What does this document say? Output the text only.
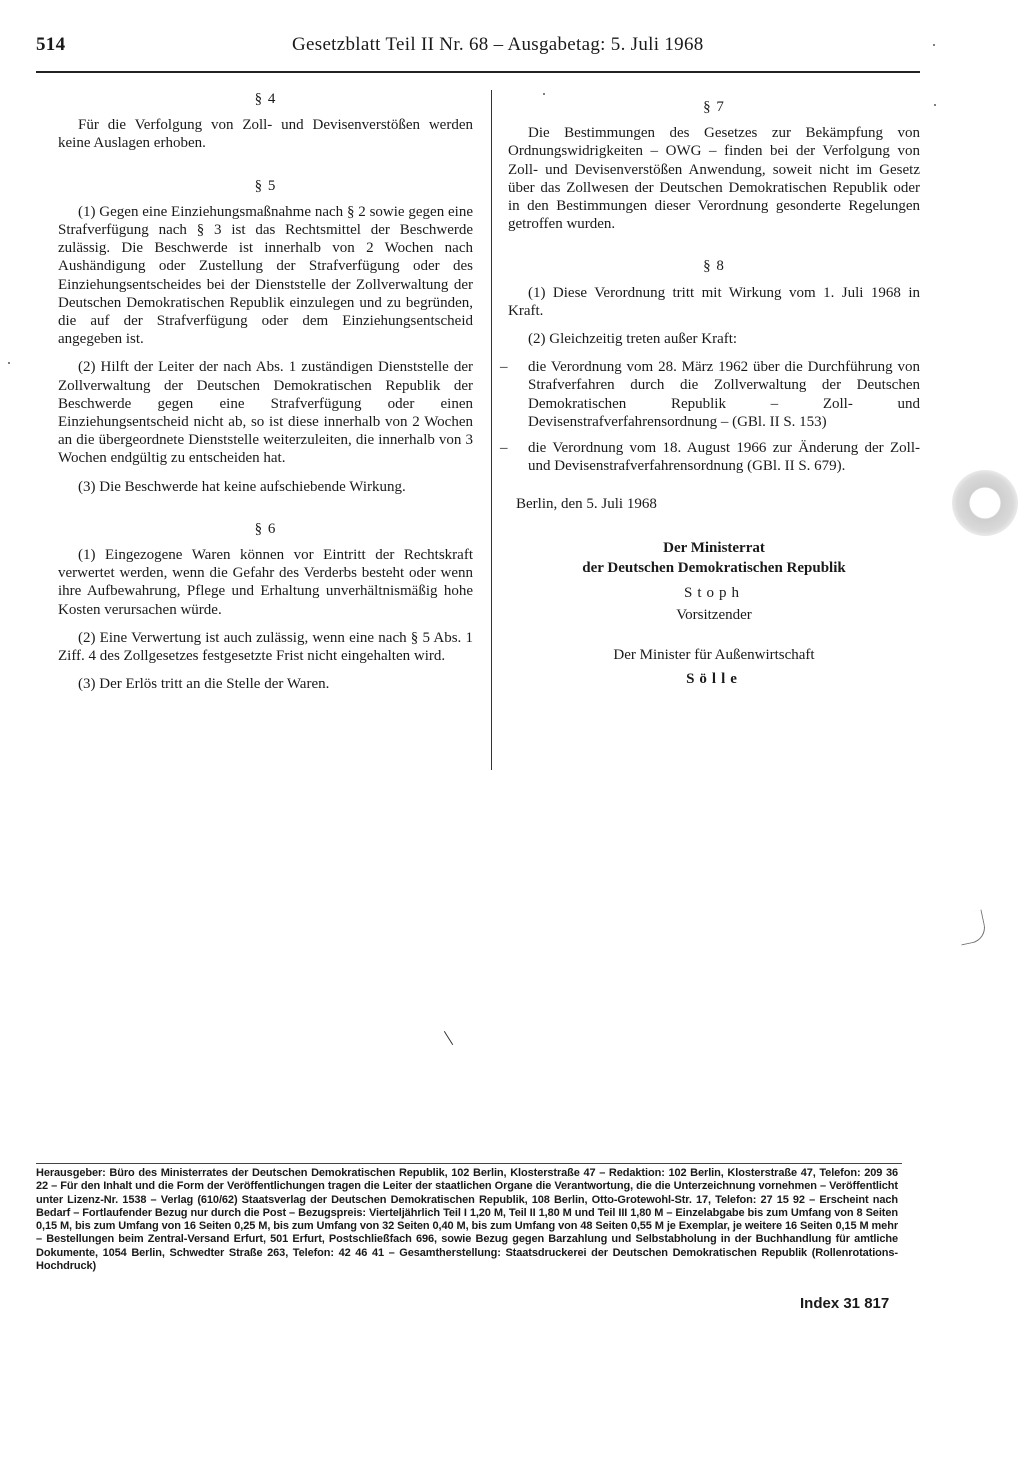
514	Gesetzblatt Teil II Nr. 68 – Ausgabetag: 5. Juli 1968
§ 4

Für die Verfolgung von Zoll- und Devisenverstößen werden keine Auslagen erhoben.

§ 5

(1) Gegen eine Einziehungsmaßnahme nach § 2 sowie gegen eine Strafverfügung nach § 3 ist das Rechtsmittel der Beschwerde zulässig. Die Beschwerde ist innerhalb von 2 Wochen nach Aushändigung oder Zustellung der Strafverfügung oder des Einziehungsentscheides bei der Dienststelle der Zollverwaltung der Deutschen Demokratischen Republik einzulegen und zu begründen, die auf der Strafverfügung oder dem Einziehungsentscheid angegeben ist.

(2) Hilft der Leiter der nach Abs. 1 zuständigen Dienststelle der Zollverwaltung der Deutschen Demokratischen Republik der Beschwerde gegen eine Strafverfügung oder einen Einziehungsentscheid nicht ab, so ist diese innerhalb von 2 Wochen an die übergeordnete Dienststelle weiterzuleiten, die innerhalb von 3 Wochen endgültig zu entscheiden hat.

(3) Die Beschwerde hat keine aufschiebende Wirkung.

§ 6

(1) Eingezogene Waren können vor Eintritt der Rechtskraft verwertet werden, wenn die Gefahr des Verderbs besteht oder wenn ihre Aufbewahrung, Pflege und Erhaltung unverhältnismäßig hohe Kosten verursachen würde.

(2) Eine Verwertung ist auch zulässig, wenn eine nach § 5 Abs. 1 Ziff. 4 des Zollgesetzes festgesetzte Frist nicht eingehalten wird.

(3) Der Erlös tritt an die Stelle der Waren.

§ 7

Die Bestimmungen des Gesetzes zur Bekämpfung von Ordnungswidrigkeiten – OWG – finden bei der Verfolgung von Zoll- und Devisenverstößen Anwendung, soweit nicht im Gesetz über das Zollwesen der Deutschen Demokratischen Republik oder in den Bestimmungen dieser Verordnung gesonderte Regelungen getroffen wurden.

§ 8

(1) Diese Verordnung tritt mit Wirkung vom 1. Juli 1968 in Kraft.

(2) Gleichzeitig treten außer Kraft:

– die Verordnung vom 28. März 1962 über die Durchführung von Strafverfahren durch die Zollverwaltung der Deutschen Demokratischen Republik – Zoll- und Devisenstrafverfahrensordnung – (GBl. II S. 153)
– die Verordnung vom 18. August 1966 zur Änderung der Zoll- und Devisenstrafverfahrensordnung (GBl. II S. 679).
Berlin, den 5. Juli 1968
Der Ministerrat
der Deutschen Demokratischen Republik
Stoph
Vorsitzender
Der Minister für Außenwirtschaft
Sölle
Herausgeber: Büro des Ministerrates der Deutschen Demokratischen Republik, 102 Berlin, Klosterstraße 47 – Redaktion: 102 Berlin, Klosterstraße 47, Telefon: 209 36 22 – Für den Inhalt und die Form der Veröffentlichungen tragen die Leiter der staatlichen Organe die Verantwortung, die die Unterzeichnung vornehmen – Veröffentlicht unter Lizenz-Nr. 1538 – Verlag (610/62) Staatsverlag der Deutschen Demokratischen Republik, 108 Berlin, Otto-Grotewohl-Str. 17, Telefon: 27 15 92 – Erscheint nach Bedarf – Fortlaufender Bezug nur durch die Post – Bezugspreis: Vierteljährlich Teil I 1,20 M, Teil II 1,80 M und Teil III 1,80 M – Einzelabgabe bis zum Umfang von 8 Seiten 0,15 M, bis zum Umfang von 16 Seiten 0,25 M, bis zum Umfang von 32 Seiten 0,40 M, bis zum Umfang von 48 Seiten 0,55 M je Exemplar, je weitere 16 Seiten 0,15 M mehr – Bestellungen beim Zentral-Versand Erfurt, 501 Erfurt, Postschließfach 696, sowie Bezug gegen Barzahlung und Selbstabholung in der Buchhandlung für amtliche Dokumente, 1054 Berlin, Schwedter Straße 263, Telefon: 42 46 41 – Gesamtherstellung: Staatsdruckerei der Deutschen Demokratischen Republik (Rollenrotations-Hochdruck)
Index 31 817
